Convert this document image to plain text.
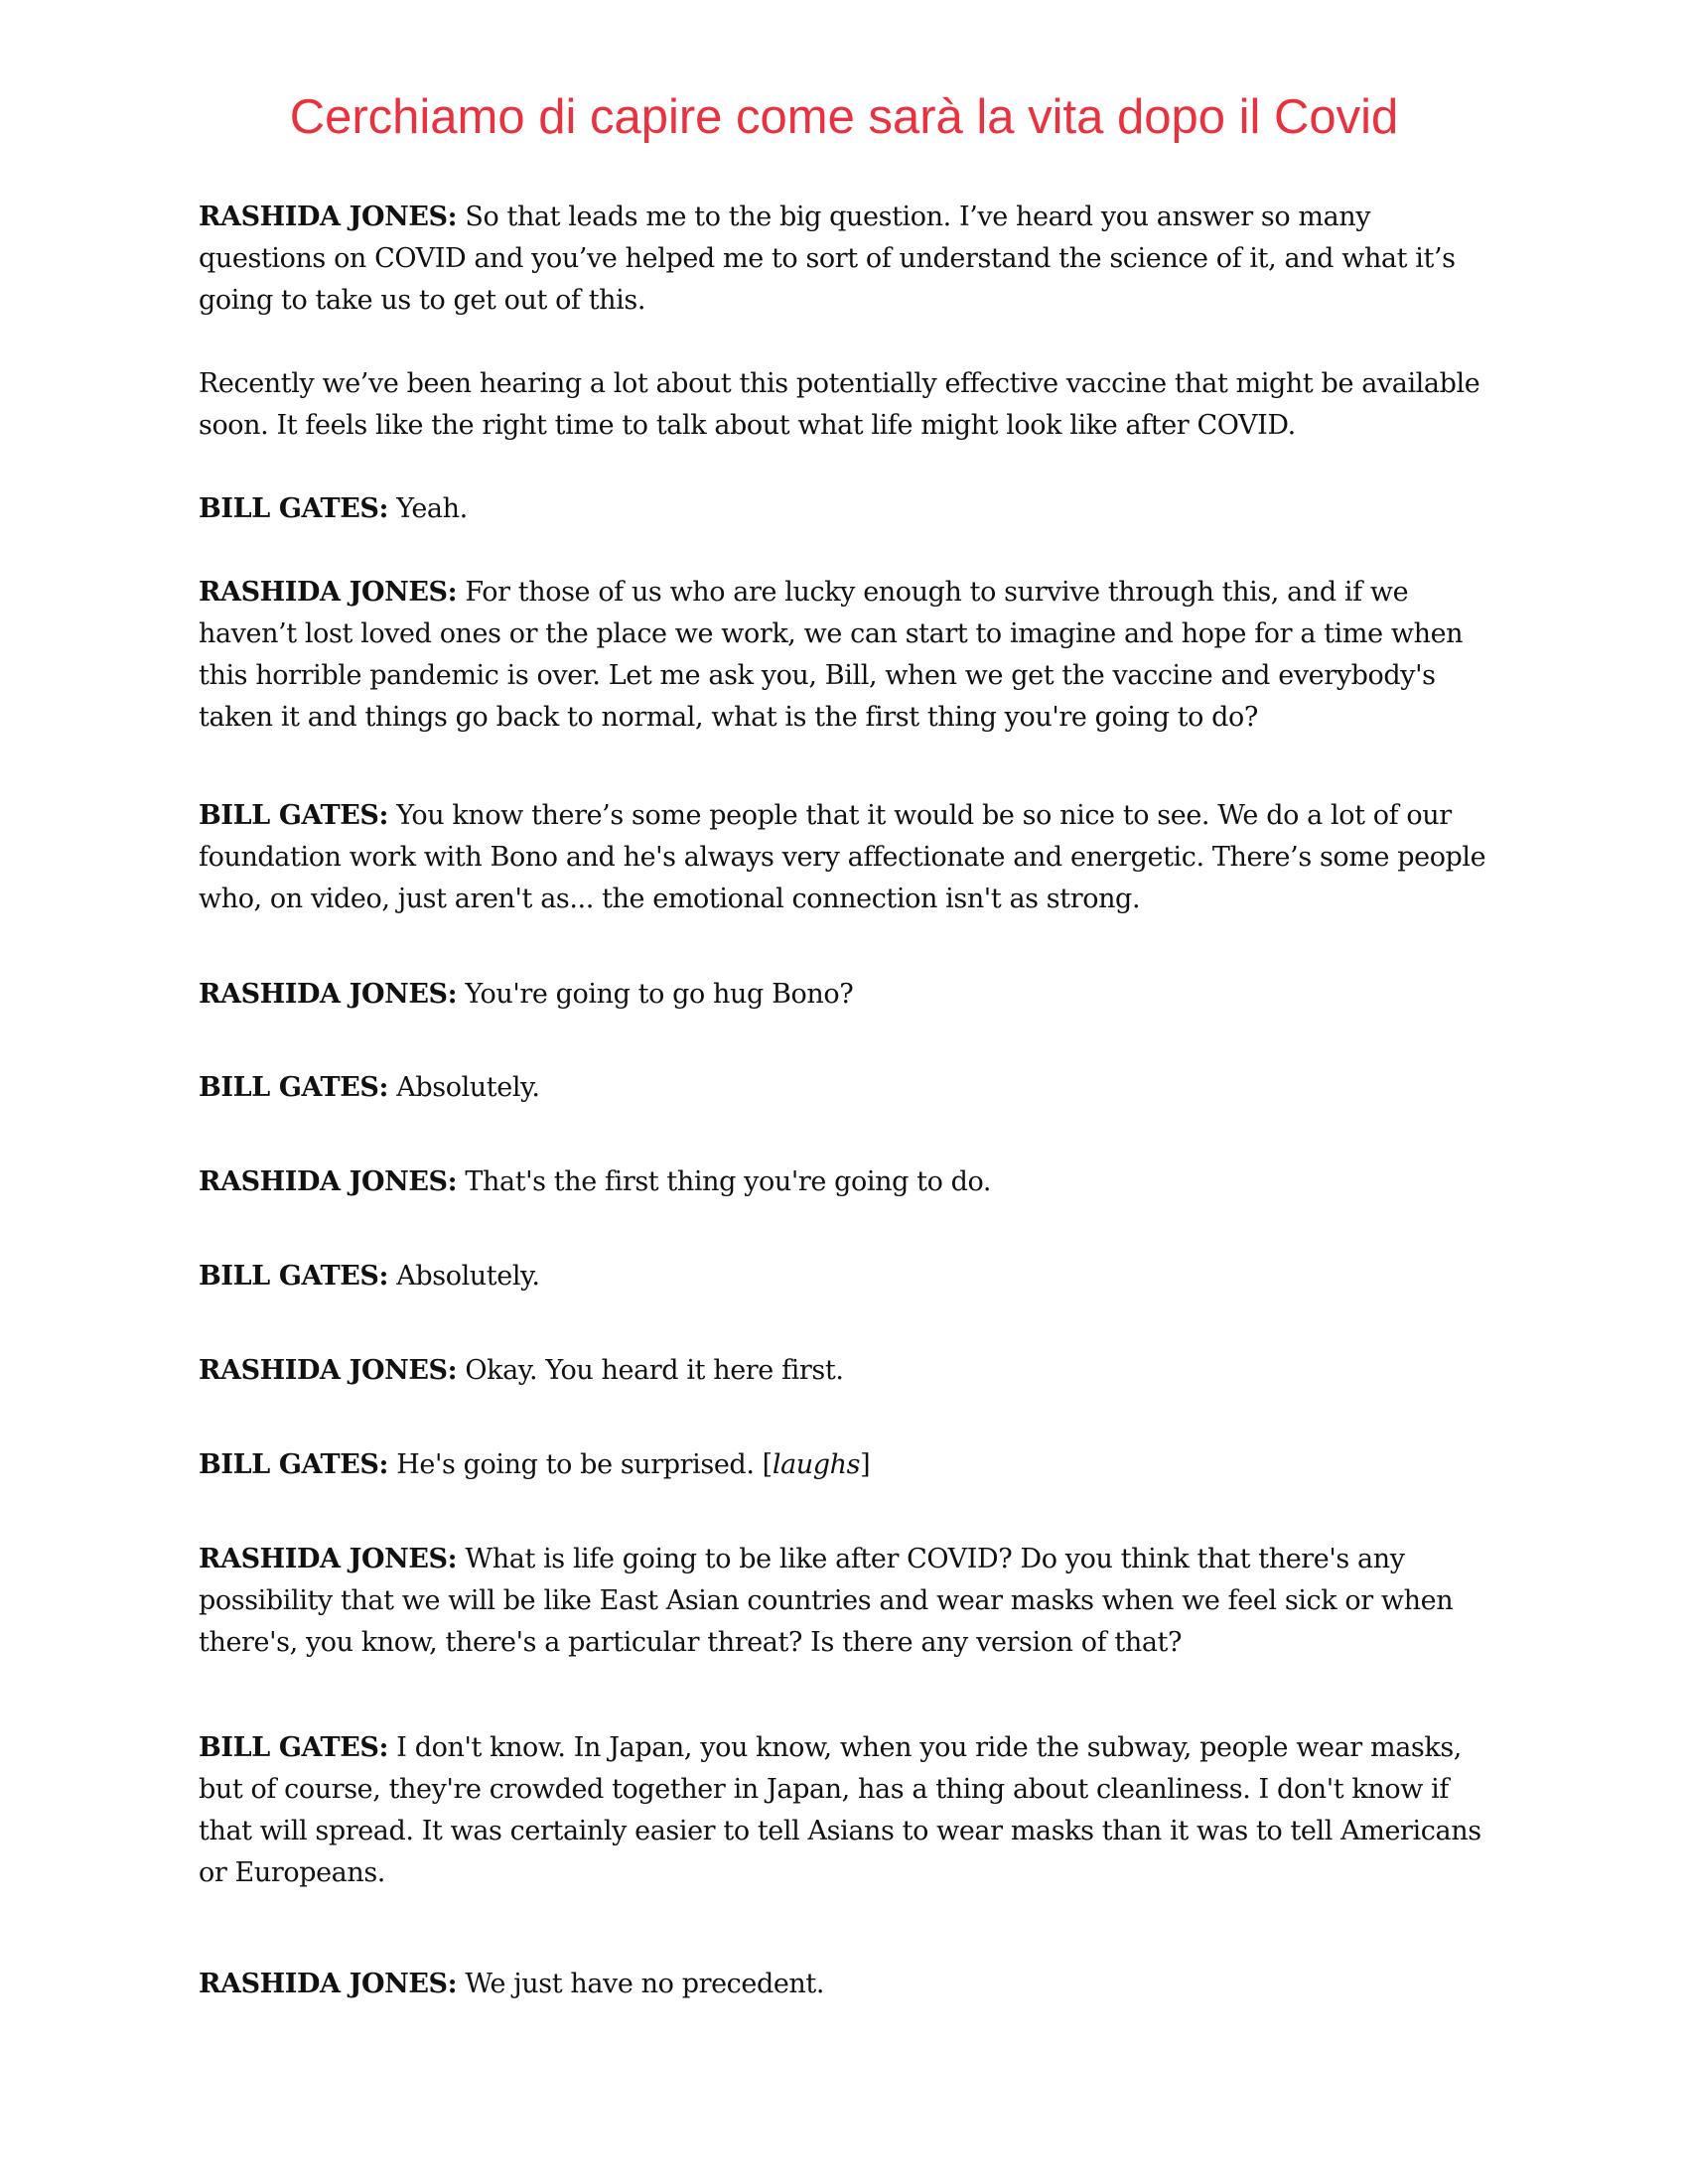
Cerchiamo di capire come sarà la vita dopo il Covid

RASHIDA JONES: So that leads me to the big question. I’ve heard you answer so many questions on COVID and you’ve helped me to sort of understand the science of it, and what it’s going to take us to get out of this.

Recently we’ve been hearing a lot about this potentially effective vaccine that might be available soon. It feels like the right time to talk about what life might look like after COVID.

BILL GATES: Yeah.

RASHIDA JONES: For those of us who are lucky enough to survive through this, and if we haven’t lost loved ones or the place we work, we can start to imagine and hope for a time when this horrible pandemic is over. Let me ask you, Bill, when we get the vaccine and everybody's taken it and things go back to normal, what is the first thing you're going to do?

BILL GATES: You know there’s some people that it would be so nice to see. We do a lot of our foundation work with Bono and he's always very affectionate and energetic. There’s some people who, on video, just aren't as... the emotional connection isn't as strong.

RASHIDA JONES: You're going to go hug Bono?

BILL GATES: Absolutely.

RASHIDA JONES: That's the first thing you're going to do.

BILL GATES: Absolutely.

RASHIDA JONES: Okay. You heard it here first.

BILL GATES: He's going to be surprised. [laughs]

RASHIDA JONES: What is life going to be like after COVID? Do you think that there's any possibility that we will be like East Asian countries and wear masks when we feel sick or when there's, you know, there's a particular threat? Is there any version of that?

BILL GATES: I don't know. In Japan, you know, when you ride the subway, people wear masks, but of course, they're crowded together in Japan, has a thing about cleanliness. I don't know if that will spread. It was certainly easier to tell Asians to wear masks than it was to tell Americans or Europeans.

RASHIDA JONES: We just have no precedent.
